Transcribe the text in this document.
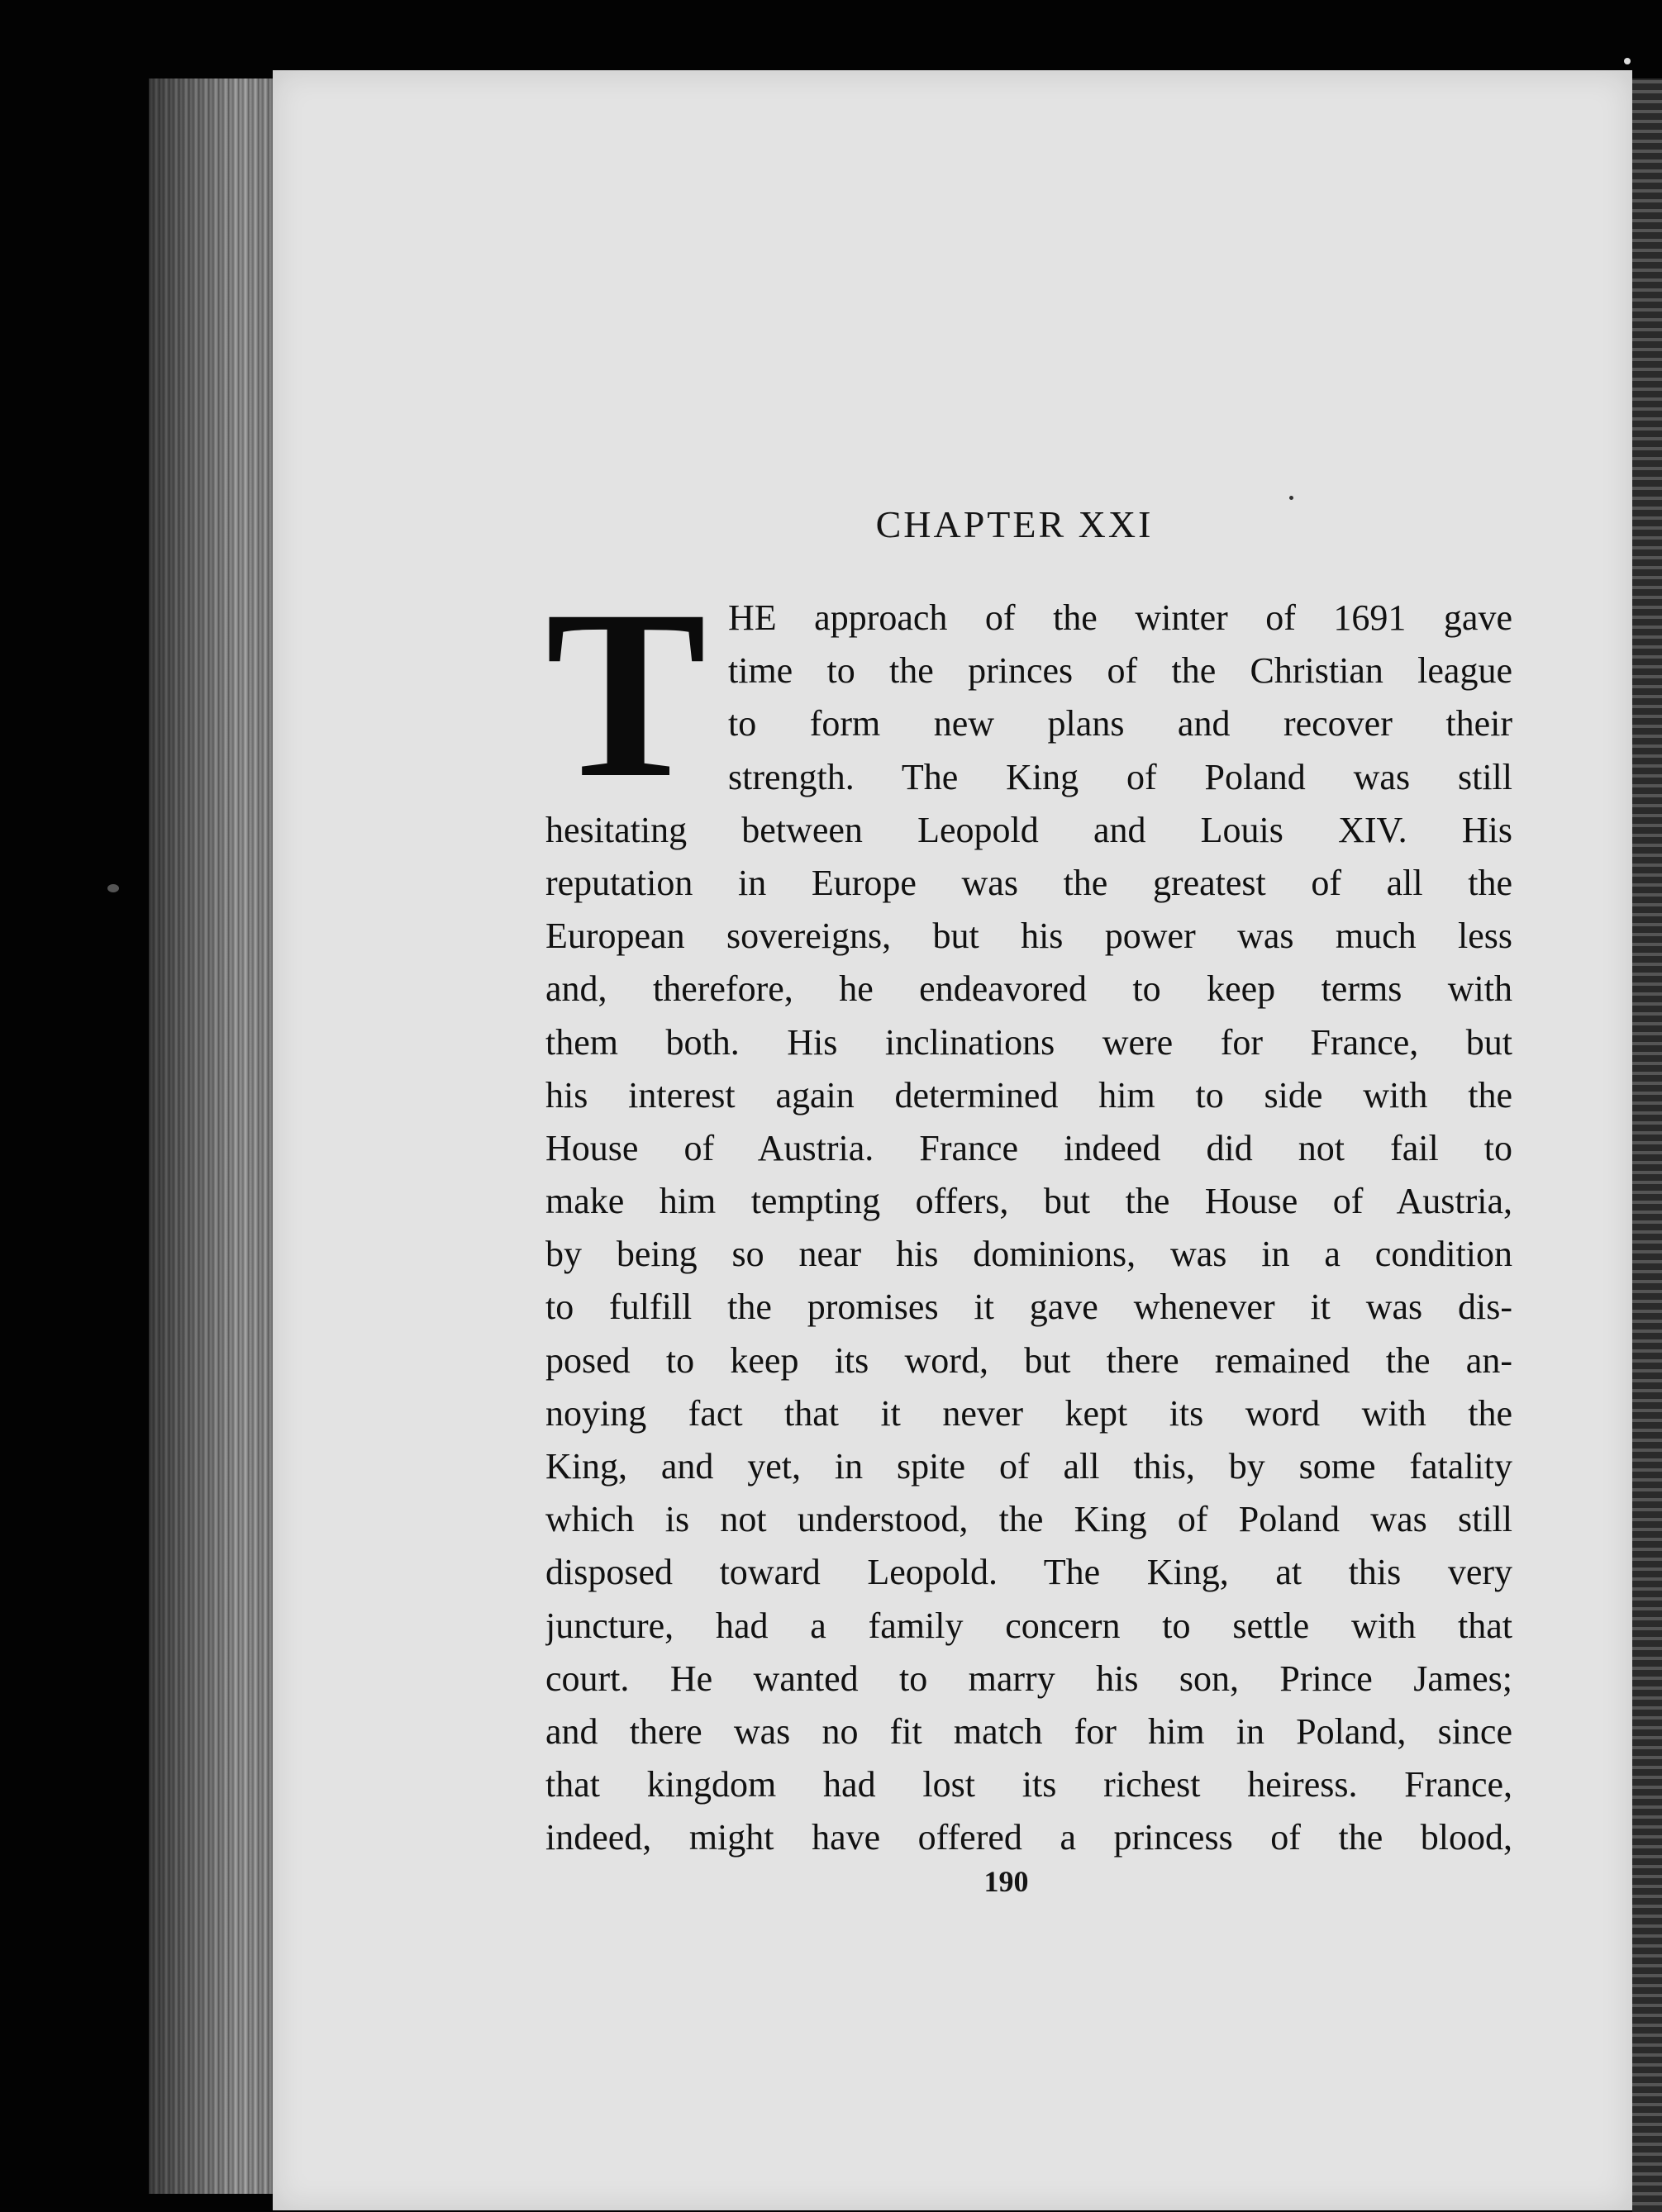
CHAPTER XXI
T HE approach of the winter of 1691 gave
time to the princes of the Christian league
to form new plans and recover their
strength. The King of Poland was still
hesitating between Leopold and Louis XIV. His
reputation in Europe was the greatest of all the
European sovereigns, but his power was much less
and, therefore, he endeavored to keep terms with
them both. His inclinations were for France, but
his interest again determined him to side with the
House of Austria. France indeed did not fail to
make him tempting offers, but the House of Austria,
by being so near his dominions, was in a condition
to fulfill the promises it gave whenever it was dis-
posed to keep its word, but there remained the an-
noying fact that it never kept its word with the
King, and yet, in spite of all this, by some fatality
which is not understood, the King of Poland was still
disposed toward Leopold. The King, at this very
juncture, had a family concern to settle with that
court. He wanted to marry his son, Prince James;
and there was no fit match for him in Poland, since
that kingdom had lost its richest heiress. France,
indeed, might have offered a princess of the blood,
190
